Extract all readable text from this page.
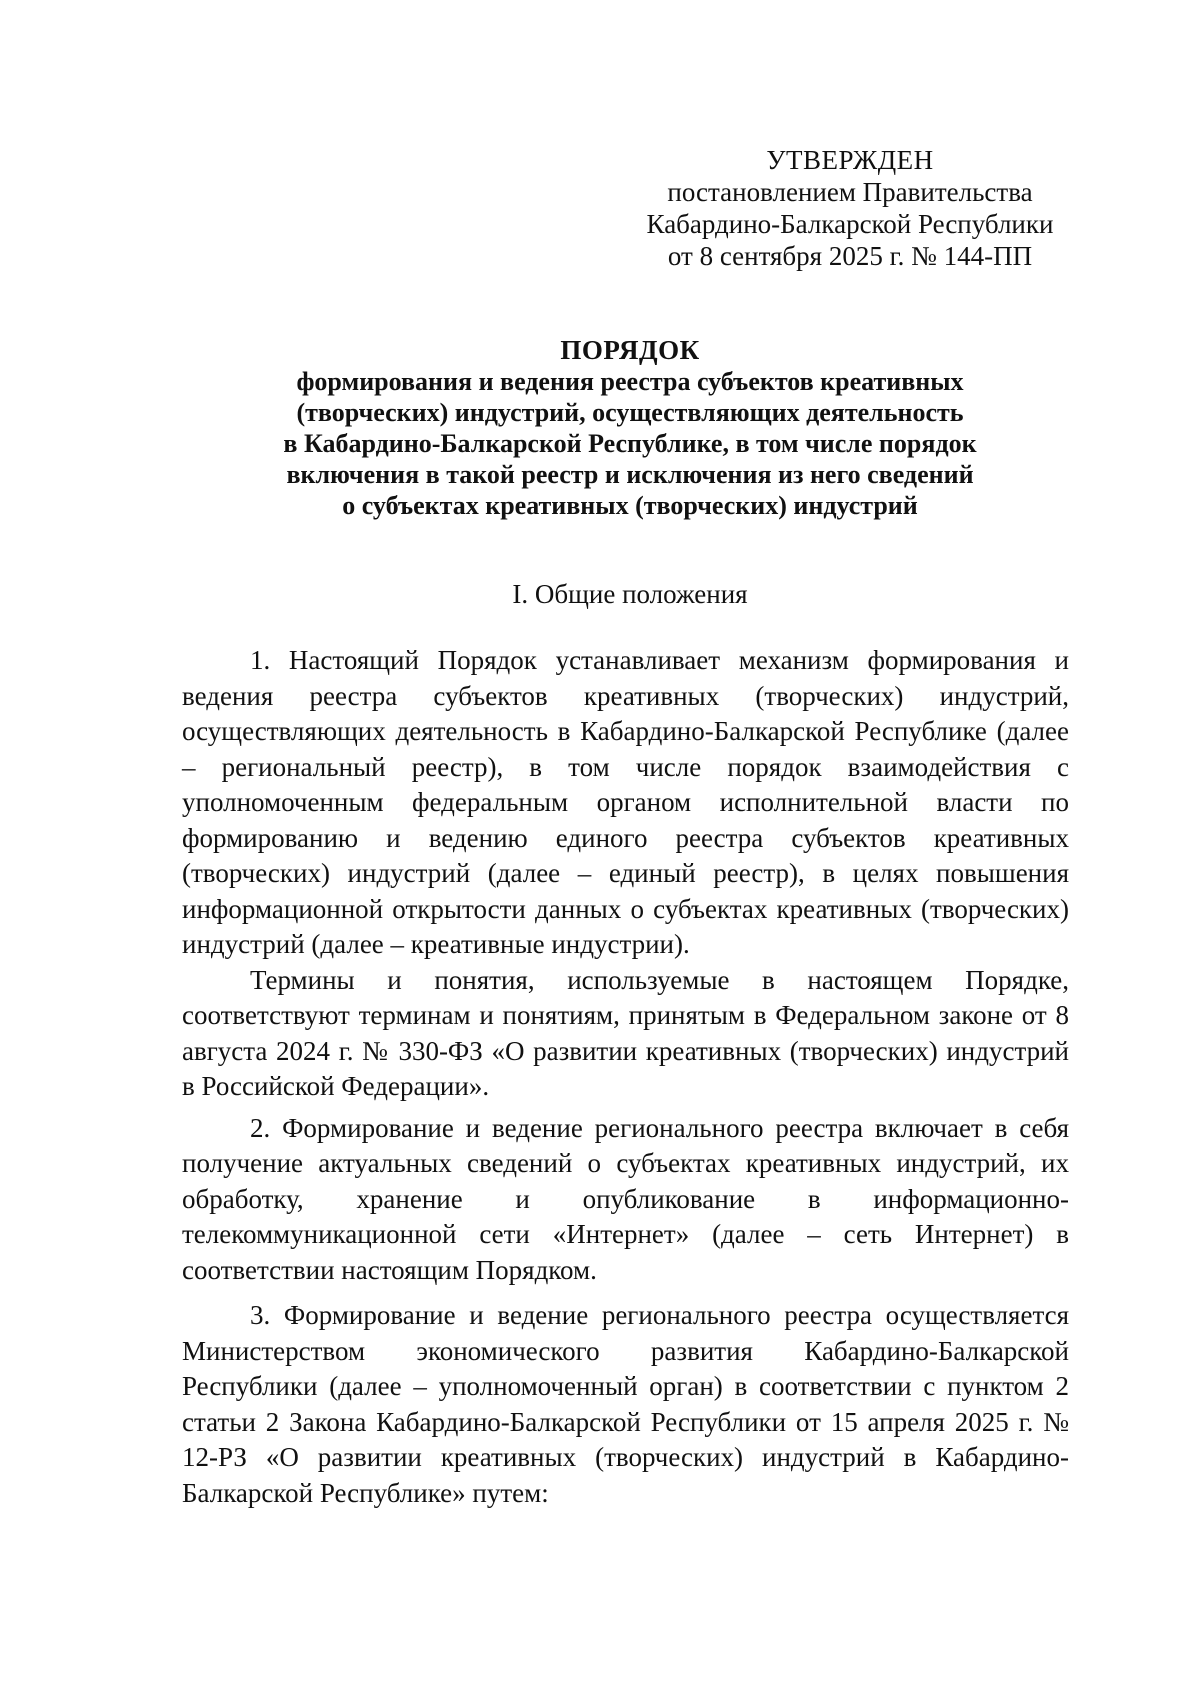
УТВЕРЖДЕН
постановлением Правительства
Кабардино-Балкарской Республики
от 8 сентября 2025 г. № 144-ПП
ПОРЯДОК
формирования и ведения реестра субъектов креативных
(творческих) индустрий, осуществляющих деятельность
в Кабардино-Балкарской Республике, в том числе порядок
включения в такой реестр и исключения из него сведений
о субъектах креативных (творческих) индустрий
I. Общие положения

1. Настоящий Порядок устанавливает механизм формирования и ведения реестра субъектов креативных (творческих) индустрий, осуществляющих деятельность в Кабардино-Балкарской Республике (далее – региональный реестр), в том числе порядок взаимодействия с уполномоченным федеральным органом исполнительной власти по формированию и ведению единого реестра субъектов креативных (творческих) индустрий (далее – единый реестр), в целях повышения информационной открытости данных о субъектах креативных (творческих) индустрий (далее – креативные индустрии).

Термины и понятия, используемые в настоящем Порядке, соответствуют терминам и понятиям, принятым в Федеральном законе от 8 августа 2024 г. № 330-ФЗ «О развитии креативных (творческих) индустрий в Российской Федерации».

2. Формирование и ведение регионального реестра включает в себя получение актуальных сведений о субъектах креативных индустрий, их обработку, хранение и опубликование в информационно-телекоммуникационной сети «Интернет» (далее – сеть Интернет) в соответствии настоящим Порядком.

3. Формирование и ведение регионального реестра осуществляется Министерством экономического развития Кабардино-Балкарской Республики (далее – уполномоченный орган) в соответствии с пунктом 2 статьи 2 Закона Кабардино-Балкарской Республики от 15 апреля 2025 г. № 12-РЗ «О развитии креативных (творческих) индустрий в Кабардино-Балкарской Республике» путем:
